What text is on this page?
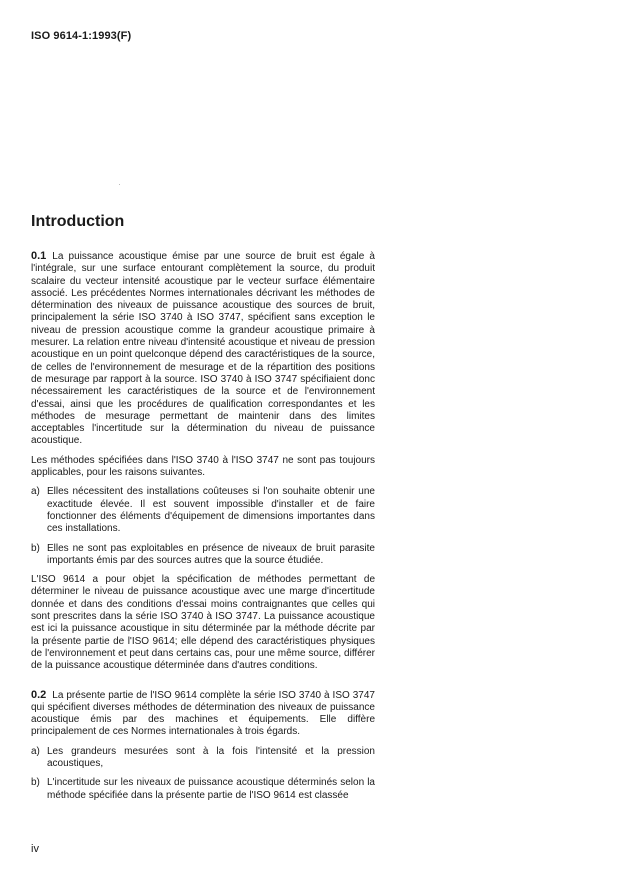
ISO 9614-1:1993(F)
Introduction

0.1 La puissance acoustique émise par une source de bruit est égale à l'intégrale, sur une surface entourant complètement la source, du produit scalaire du vecteur intensité acoustique par le vecteur surface élémentaire associé. Les précédentes Normes internationales décrivant les méthodes de détermination des niveaux de puissance acoustique des sources de bruit, principalement la série ISO 3740 à ISO 3747, spécifient sans exception le niveau de pression acoustique comme la grandeur acoustique primaire à mesurer. La relation entre niveau d'intensité acoustique et niveau de pression acoustique en un point quelconque dépend des caractéristiques de la source, de celles de l'environnement de mesurage et de la répartition des positions de mesurage par rapport à la source. ISO 3740 à ISO 3747 spécifiaient donc nécessairement les caractéristiques de la source et de l'environnement d'essai, ainsi que les procédures de qualification correspondantes et les méthodes de mesurage permettant de maintenir dans des limites acceptables l'incertitude sur la détermination du niveau de puissance acoustique.

Les méthodes spécifiées dans l'ISO 3740 à l'ISO 3747 ne sont pas toujours applicables, pour les raisons suivantes.

a) Elles nécessitent des installations coûteuses si l'on souhaite obtenir une exactitude élevée. Il est souvent impossible d'installer et de faire fonctionner des éléments d'équipement de dimensions importantes dans ces installations.
b) Elles ne sont pas exploitables en présence de niveaux de bruit parasite importants émis par des sources autres que la source étudiée.

L'ISO 9614 a pour objet la spécification de méthodes permettant de déterminer le niveau de puissance acoustique avec une marge d'incertitude donnée et dans des conditions d'essai moins contraignantes que celles qui sont prescrites dans la série ISO 3740 à ISO 3747. La puissance acoustique est ici la puissance acoustique in situ déterminée par la méthode décrite par la présente partie de l'ISO 9614; elle dépend des caractéristiques physiques de l'environnement et peut dans certains cas, pour une même source, différer de la puissance acoustique déterminée dans d'autres conditions.

0.2 La présente partie de l'ISO 9614 complète la série ISO 3740 à ISO 3747 qui spécifient diverses méthodes de détermination des niveaux de puissance acoustique émis par des machines et équipements. Elle diffère principalement de ces Normes internationales à trois égards.

a) Les grandeurs mesurées sont à la fois l'intensité et la pression acoustiques,
b) L'incertitude sur les niveaux de puissance acoustique déterminés selon la méthode spécifiée dans la présente partie de l'ISO 9614 est classée
iv
